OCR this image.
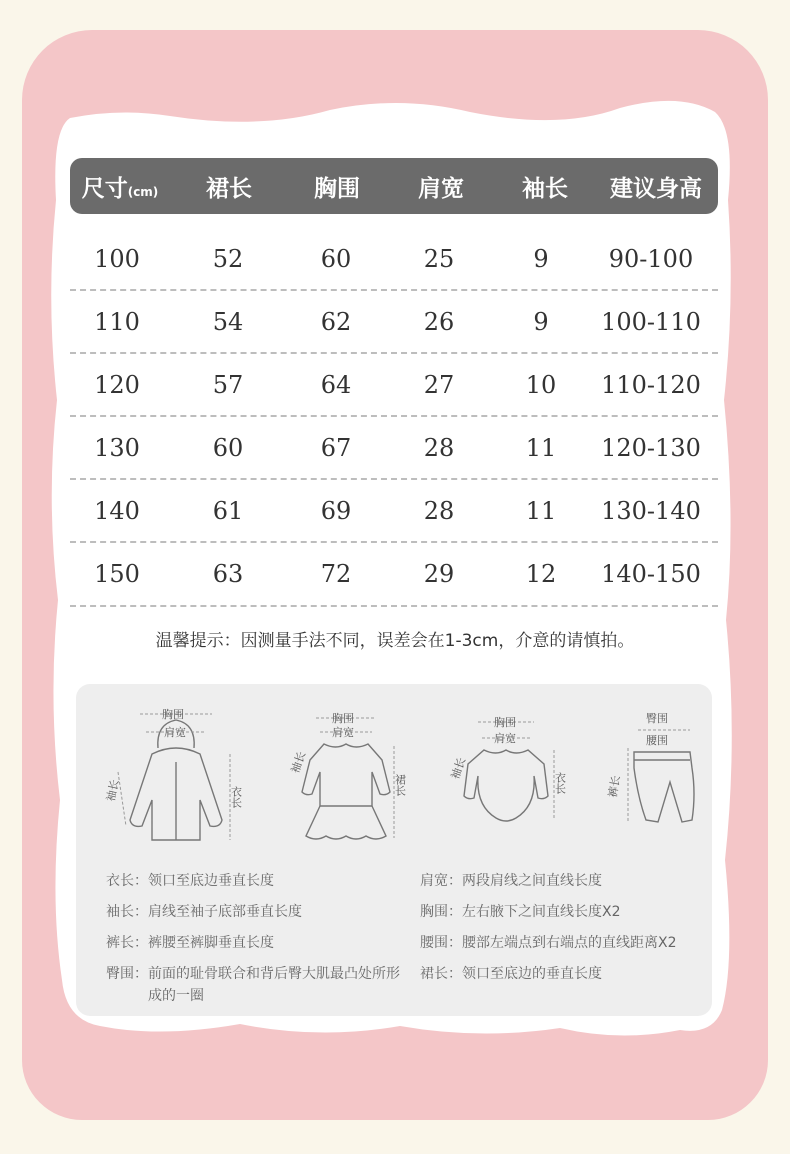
尺寸(cm)	裙长	胸围	肩宽	袖长	建议身高
100	52	60	25	9	90-100
110	54	62	26	9	100-110
120	57	64	27	10	110-120
130	60	67	28	11	120-130
140	61	69	28	11	130-140
150	63	72	29	12	140-150
温馨提示：因测量手法不同，误差会在1-3cm，介意的请慎拍。
胸围
肩宽
衣长
袖长
胸围
肩宽
裙长
袖长
胸围
肩宽
衣长
袖长
臀围
腰围
裤长
衣长： 领口至底边垂直长度	肩宽： 两段肩线之间直线长度
袖长： 肩线至袖子底部垂直长度	胸围： 左右腋下之间直线长度X2
裤长： 裤腰至裤脚垂直长度	腰围： 腰部左端点到右端点的直线距离X2
臀围： 前面的耻骨联合和背后臀大肌最凸处所形成的一圈
裙长： 领口至底边的垂直长度
